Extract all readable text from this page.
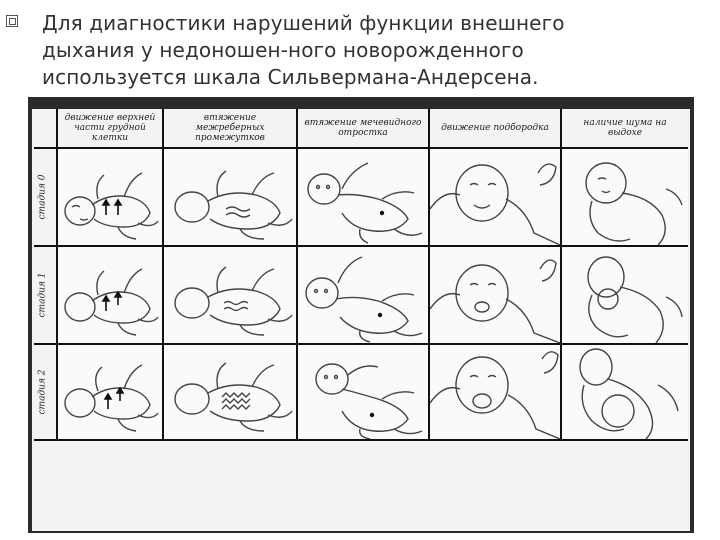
Для диагностики нарушений функции внешнего дыхания у недоношен-ного новорожденного используется шкала Сильвермана-Андерсена.
движение верхней части грудной клетки
втяжение межреберных промежутков
втяжение мечевидного отростка	движение подбородка	наличие шума на выдохе
стадия 0
стадия 1
стадия 2
